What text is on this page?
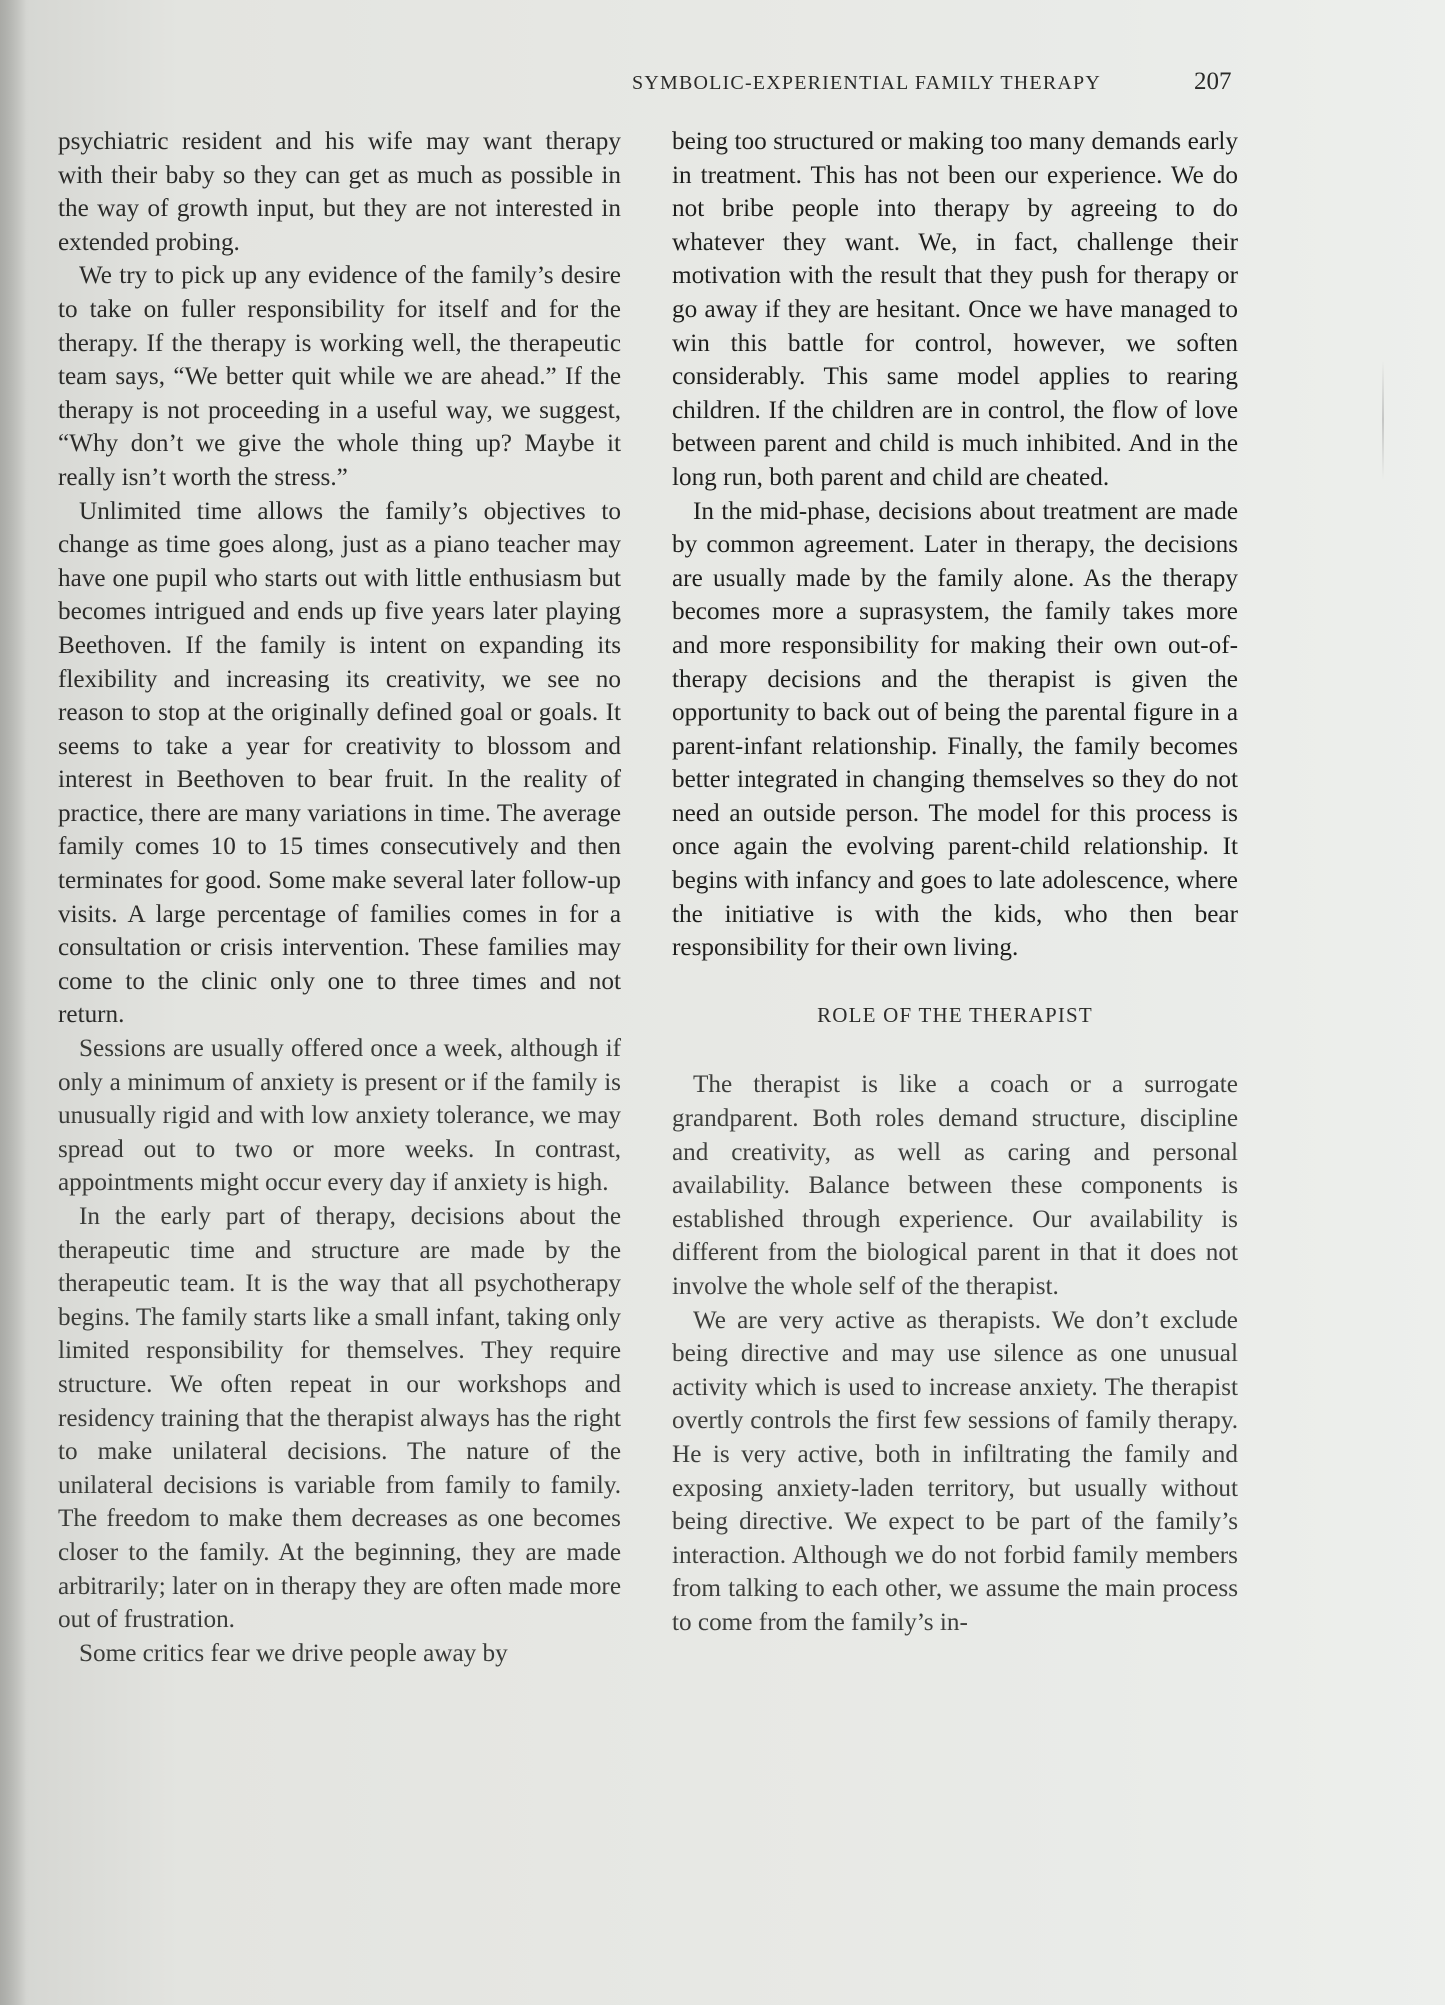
SYMBOLIC-EXPERIENTIAL FAMILY THERAPY	207

psychiatric resident and his wife may want therapy with their baby so they can get as much as possible in the way of growth input, but they are not interested in extended probing.

We try to pick up any evidence of the family’s desire to take on fuller responsibility for itself and for the therapy. If the therapy is working well, the therapeutic team says, “We better quit while we are ahead.” If the therapy is not proceeding in a useful way, we suggest, “Why don’t we give the whole thing up? Maybe it really isn’t worth the stress.”

Unlimited time allows the family’s objectives to change as time goes along, just as a piano teacher may have one pupil who starts out with little enthusiasm but becomes intrigued and ends up five years later playing Beethoven. If the family is intent on expanding its flexibility and increasing its creativity, we see no reason to stop at the originally defined goal or goals. It seems to take a year for creativity to blossom and interest in Beethoven to bear fruit. In the reality of practice, there are many variations in time. The average family comes 10 to 15 times consecutively and then terminates for good. Some make several later follow-up visits. A large percentage of families comes in for a consultation or crisis intervention. These families may come to the clinic only one to three times and not return.

Sessions are usually offered once a week, although if only a minimum of anxiety is present or if the family is unusually rigid and with low anxiety tolerance, we may spread out to two or more weeks. In contrast, appointments might occur every day if anxiety is high.

In the early part of therapy, decisions about the therapeutic time and structure are made by the therapeutic team. It is the way that all psychotherapy begins. The family starts like a small infant, taking only limited responsibility for themselves. They require structure. We often repeat in our workshops and residency training that the therapist always has the right to make unilateral decisions. The nature of the unilateral decisions is variable from family to family. The freedom to make them decreases as one becomes closer to the family. At the beginning, they are made arbitrarily; later on in therapy they are often made more out of frustration.

Some critics fear we drive people away by

being too structured or making too many demands early in treatment. This has not been our experience. We do not bribe people into therapy by agreeing to do whatever they want. We, in fact, challenge their motivation with the result that they push for therapy or go away if they are hesitant. Once we have managed to win this battle for control, however, we soften considerably. This same model applies to rearing children. If the children are in control, the flow of love between parent and child is much inhibited. And in the long run, both parent and child are cheated.

In the mid-phase, decisions about treatment are made by common agreement. Later in therapy, the decisions are usually made by the family alone. As the therapy becomes more a suprasystem, the family takes more and more responsibility for making their own out-of-therapy decisions and the therapist is given the opportunity to back out of being the parental figure in a parent-infant relationship. Finally, the family becomes better integrated in changing themselves so they do not need an outside person. The model for this process is once again the evolving parent-child relationship. It begins with infancy and goes to late adolescence, where the initiative is with the kids, who then bear responsibility for their own living.

ROLE OF THE THERAPIST

The therapist is like a coach or a surrogate grandparent. Both roles demand structure, discipline and creativity, as well as caring and personal availability. Balance between these components is established through experience. Our availability is different from the biological parent in that it does not involve the whole self of the therapist.

We are very active as therapists. We don’t exclude being directive and may use silence as one unusual activity which is used to increase anxiety. The therapist overtly controls the first few sessions of family therapy. He is very active, both in infiltrating the family and exposing anxiety-laden territory, but usually without being directive. We expect to be part of the family’s interaction. Although we do not forbid family members from talking to each other, we assume the main process to come from the family’s in-
